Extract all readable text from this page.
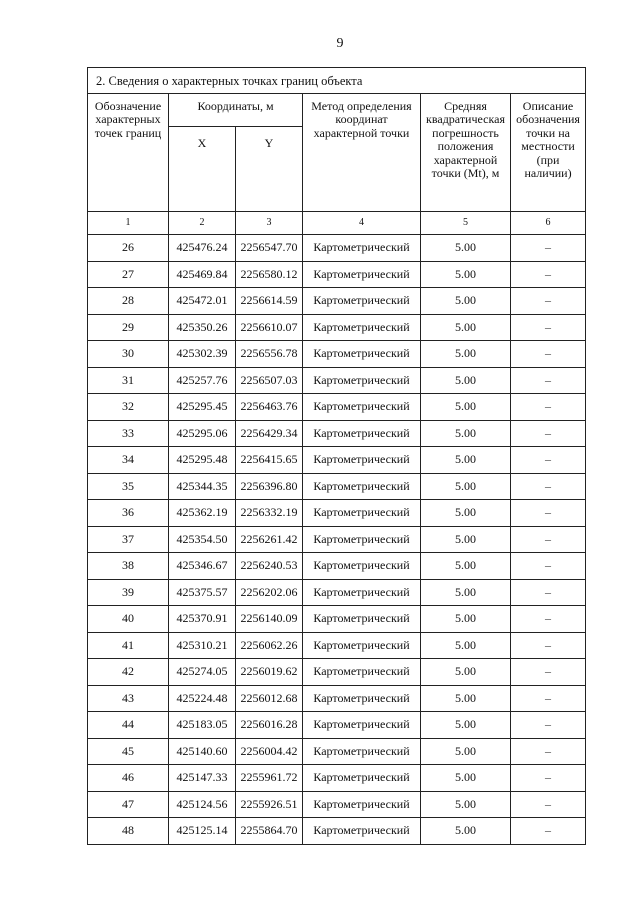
9
2. Сведения о характерных точках границ объекта					
Обозначение характерных точек границ	Координаты, м		Метод определения координат характерной точки	Средняя квадратическая погрешность положения характерной точки (Mt), м	Описание обозначения точки на местности (при наличии)
	X	Y			
1	2	3	4	5	6
26	425476.24	2256547.70	Картометрический	5.00	–
27	425469.84	2256580.12	Картометрический	5.00	–
28	425472.01	2256614.59	Картометрический	5.00	–
29	425350.26	2256610.07	Картометрический	5.00	–
30	425302.39	2256556.78	Картометрический	5.00	–
31	425257.76	2256507.03	Картометрический	5.00	–
32	425295.45	2256463.76	Картометрический	5.00	–
33	425295.06	2256429.34	Картометрический	5.00	–
34	425295.48	2256415.65	Картометрический	5.00	–
35	425344.35	2256396.80	Картометрический	5.00	–
36	425362.19	2256332.19	Картометрический	5.00	–
37	425354.50	2256261.42	Картометрический	5.00	–
38	425346.67	2256240.53	Картометрический	5.00	–
39	425375.57	2256202.06	Картометрический	5.00	–
40	425370.91	2256140.09	Картометрический	5.00	–
41	425310.21	2256062.26	Картометрический	5.00	–
42	425274.05	2256019.62	Картометрический	5.00	–
43	425224.48	2256012.68	Картометрический	5.00	–
44	425183.05	2256016.28	Картометрический	5.00	–
45	425140.60	2256004.42	Картометрический	5.00	–
46	425147.33	2255961.72	Картометрический	5.00	–
47	425124.56	2255926.51	Картометрический	5.00	–
48	425125.14	2255864.70	Картометрический	5.00	–
